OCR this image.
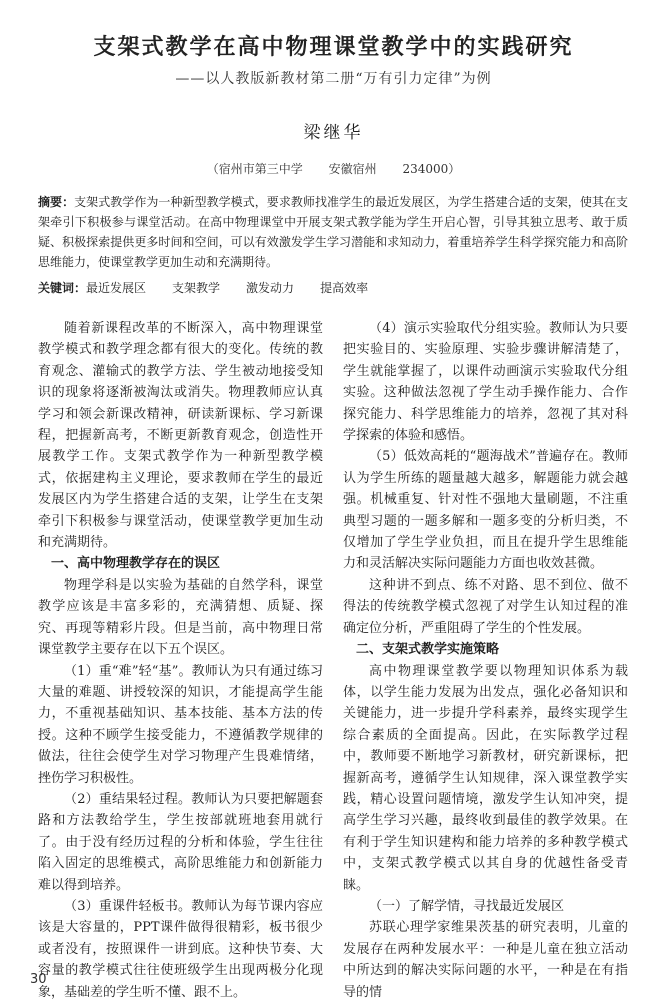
支架式教学在高中物理课堂教学中的实践研究
——以人教版新教材第二册“万有引力定律”为例
梁继华
（宿州市第三中学 安徽宿州 234000）
摘要：支架式教学作为一种新型教学模式，要求教师找准学生的最近发展区，为学生搭建合适的支架，使其在支架牵引下积极参与课堂活动。在高中物理课堂中开展支架式教学能为学生开启心智，引导其独立思考、敢于质疑、积极探索提供更多时间和空间，可以有效激发学生学习潜能和求知动力，着重培养学生科学探究能力和高阶思维能力，使课堂教学更加生动和充满期待。
关键词：最近发展区 支架教学 激发动力 提高效率

随着新课程改革的不断深入，高中物理课堂教学模式和教学理念都有很大的变化。传统的教育观念、灌输式的教学方法、学生被动地接受知识的现象将逐渐被淘汰或消失。物理教师应认真学习和领会新课改精神，研读新课标、学习新课程，把握新高考，不断更新教育观念，创造性开展教学工作。支架式教学作为一种新型教学模式，依据建构主义理论，要求教师在学生的最近发展区内为学生搭建合适的支架，让学生在支架牵引下积极参与课堂活动，使课堂教学更加生动和充满期待。

一、高中物理教学存在的误区

物理学科是以实验为基础的自然学科，课堂教学应该是丰富多彩的，充满猜想、质疑、探究、再现等精彩片段。但是当前，高中物理日常课堂教学主要存在以下五个误区。

（1）重“难”轻“基”。教师认为只有通过练习大量的难题、讲授较深的知识，才能提高学生能力，不重视基础知识、基本技能、基本方法的传授。这种不顾学生接受能力，不遵循教学规律的做法，往往会使学生对学习物理产生畏难情绪，挫伤学习积极性。

（2）重结果轻过程。教师认为只要把解题套路和方法教给学生，学生按部就班地套用就行了。由于没有经历过程的分析和体验，学生往往陷入固定的思维模式，高阶思维能力和创新能力难以得到培养。

（3）重课件轻板书。教师认为每节课内容应该是大容量的，PPT课件做得很精彩，板书很少或者没有，按照课件一讲到底。这种快节奏、大容量的教学模式往往使班级学生出现两极分化现象，基础差的学生听不懂、跟不上。

（4）演示实验取代分组实验。教师认为只要把实验目的、实验原理、实验步骤讲解清楚了，学生就能掌握了，以课件动画演示实验取代分组实验。这种做法忽视了学生动手操作能力、合作探究能力、科学思维能力的培养，忽视了其对科学探索的体验和感悟。

（5）低效高耗的“题海战术”普遍存在。教师认为学生所练的题量越大越多，解题能力就会越强。机械重复、针对性不强地大量刷题，不注重典型习题的一题多解和一题多变的分析归类，不仅增加了学生学业负担，而且在提升学生思维能力和灵活解决实际问题能力方面也收效甚微。

这种讲不到点、练不对路、思不到位、做不得法的传统教学模式忽视了对学生认知过程的准确定位分析，严重阻碍了学生的个性发展。

二、支架式教学实施策略

高中物理课堂教学要以物理知识体系为载体，以学生能力发展为出发点，强化必备知识和关键能力，进一步提升学科素养，最终实现学生综合素质的全面提高。因此，在实际教学过程中，教师要不断地学习新教材，研究新课标，把握新高考，遵循学生认知规律，深入课堂教学实践，精心设置问题情境，激发学生认知冲突，提高学生学习兴趣，最终收到最佳的教学效果。在有利于学生知识建构和能力培养的多种教学模式中，支架式教学模式以其自身的优越性备受青睐。

（一）了解学情，寻找最近发展区

苏联心理学家维果茨基的研究表明，儿童的发展存在两种发展水平：一种是儿童在独立活动中所达到的解决实际问题的水平，一种是在有指导的情

30
